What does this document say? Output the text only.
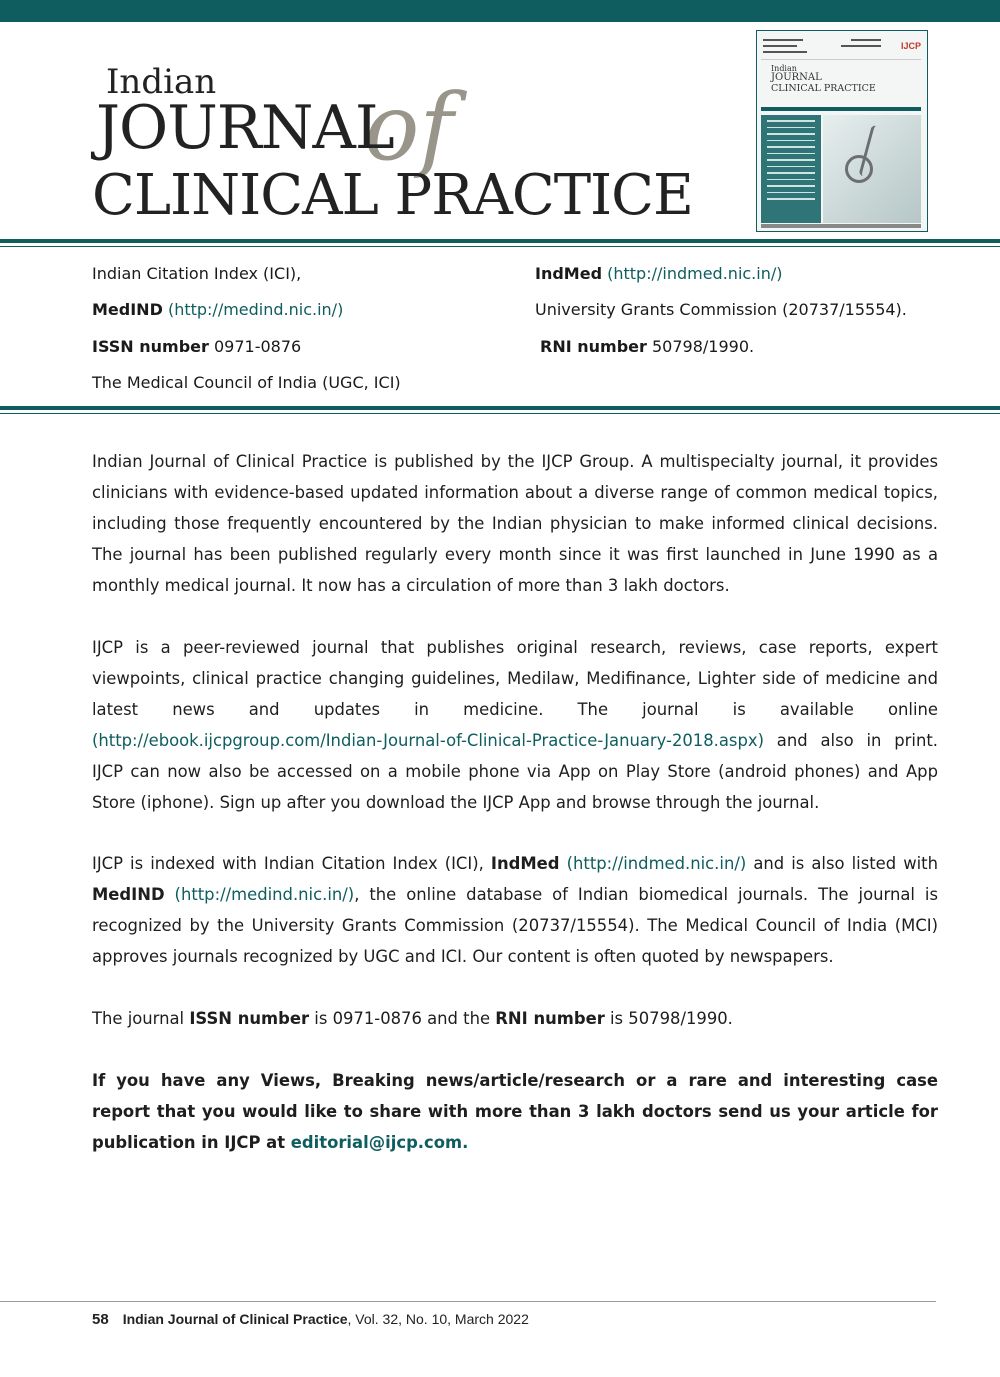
Indian of
JOURNAL
CLINICAL PRACTICE
IJCP
Indian
JOURNAL
CLINICAL PRACTICE
Indian Citation Index (ICI),	IndMed (http://indmed.nic.in/)
MedIND (http://medind.nic.in/)	University Grants Commission (20737/15554).
ISSN number 0971-0876	RNI number 50798/1990.
The Medical Council of India (UGC, ICI)
Indian Journal of Clinical Practice is published by the IJCP Group. A multispecialty journal, it provides clinicians with evidence-based updated information about a diverse range of common medical topics, including those frequently encountered by the Indian physician to make informed clinical decisions. The journal has been published regularly every month since it was first launched in June 1990 as a monthly medical journal. It now has a circulation of more than 3 lakh doctors.
IJCP is a peer-reviewed journal that publishes original research, reviews, case reports, expert viewpoints, clinical practice changing guidelines, Medilaw, Medifinance, Lighter side of medicine and latest news and updates in medicine. The journal is available online (http://ebook.ijcpgroup.com/Indian-Journal-of-Clinical-Practice-January-2018.aspx) and also in print. IJCP can now also be accessed on a mobile phone via App on Play Store (android phones) and App Store (iphone). Sign up after you download the IJCP App and browse through the journal.
IJCP is indexed with Indian Citation Index (ICI), IndMed (http://indmed.nic.in/) and is also listed with MedIND (http://medind.nic.in/), the online database of Indian biomedical journals. The journal is recognized by the University Grants Commission (20737/15554). The Medical Council of India (MCI) approves journals recognized by UGC and ICI. Our content is often quoted by newspapers.
The journal ISSN number is 0971-0876 and the RNI number is 50798/1990.
If you have any Views, Breaking news/article/research or a rare and interesting case report that you would like to share with more than 3 lakh doctors send us your article for publication in IJCP at editorial@ijcp.com.
58 Indian Journal of Clinical Practice, Vol. 32, No. 10, March 2022
